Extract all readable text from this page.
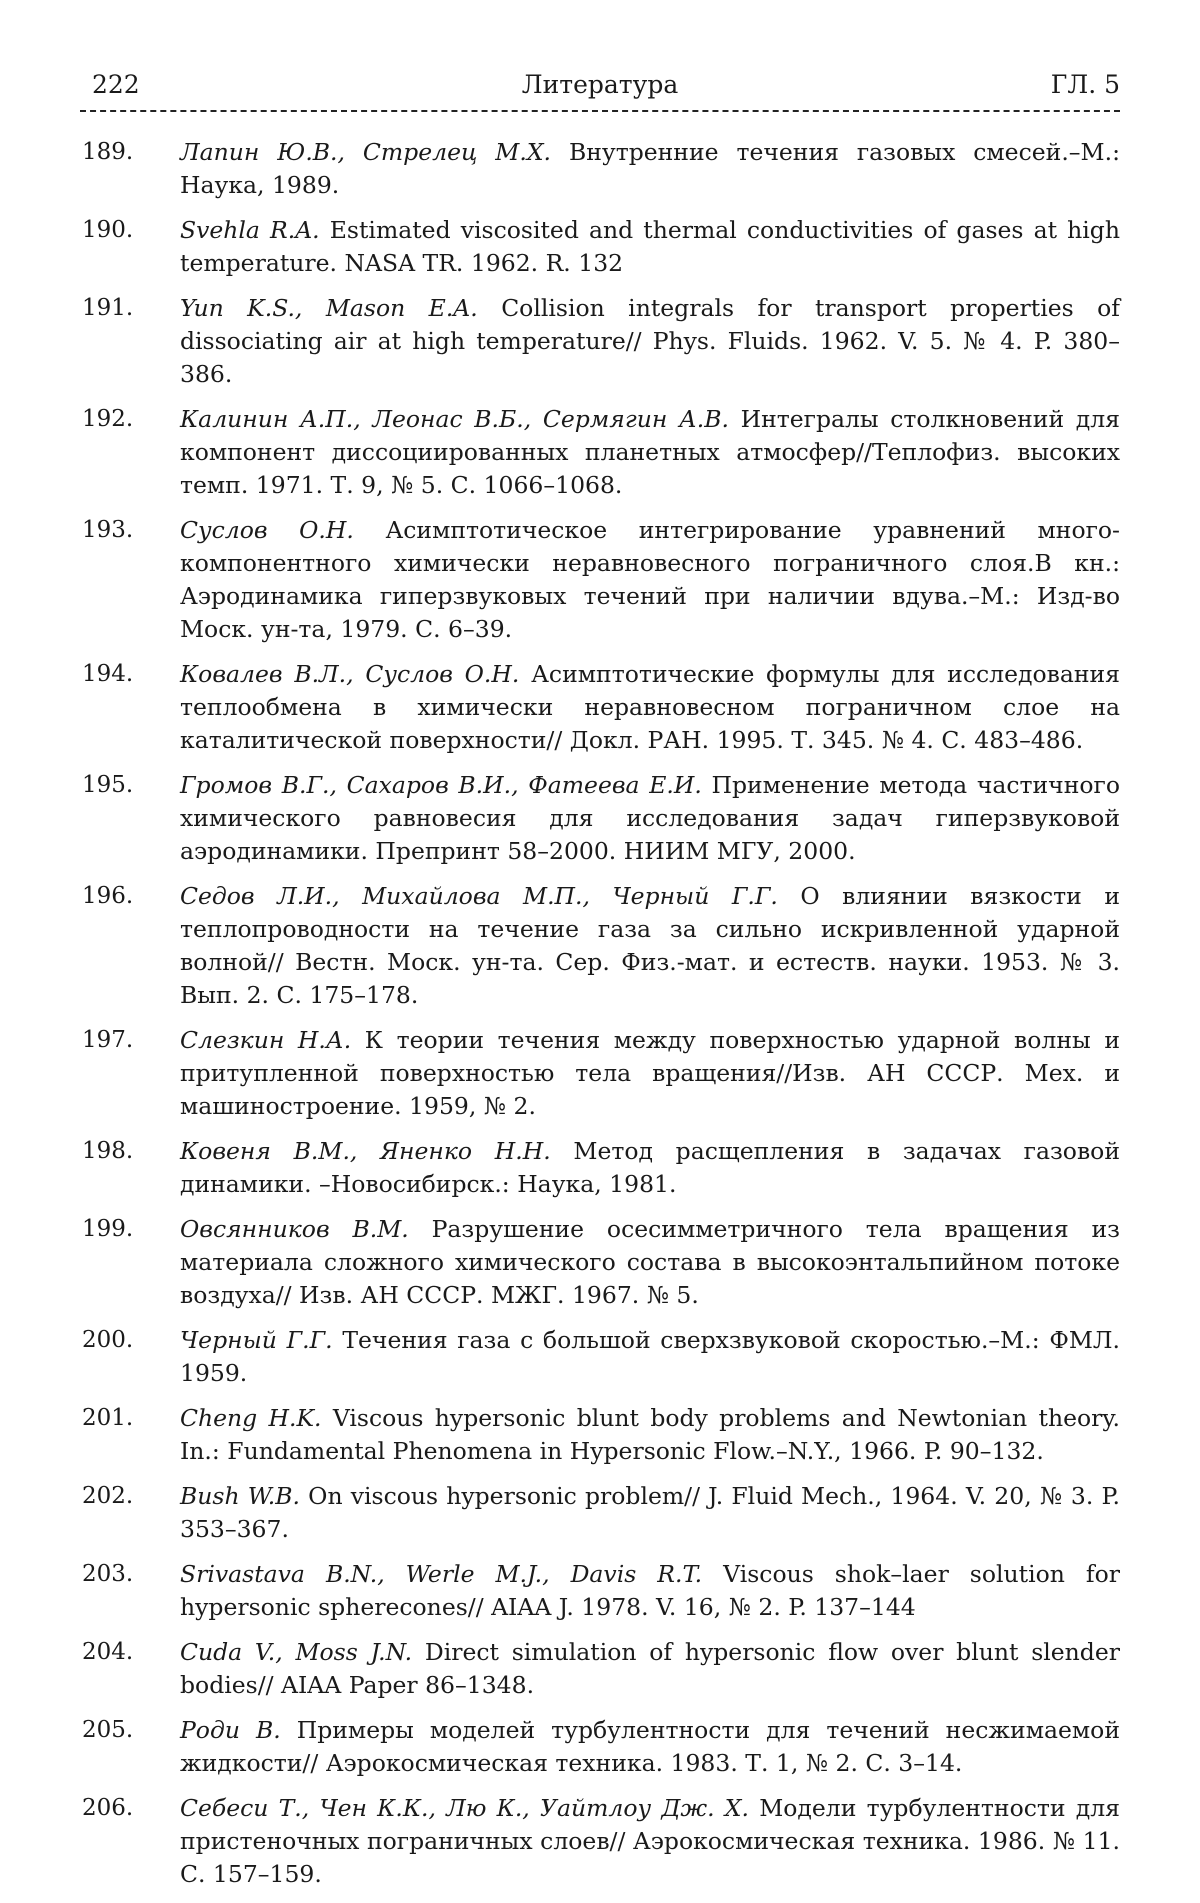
222	Литература	ГЛ. 5
189.	Лапин Ю.В., Стрелец М.Х. Внутренние течения газовых смесей.–М.: Наука, 1989.
190.	Svehla R.A. Estimated viscosited and thermal conductivities of gases at high temperature. NASA TR. 1962. R. 132
191.	Yun K.S., Mason E.A. Collision integrals for transport properties of dissociating air at high temperature// Phys. Fluids. 1962. V. 5. № 4. P. 380–386.
192.	Калинин А.П., Леонас В.Б., Сермягин А.В. Интегралы столкновений для компонент диссоциированных планетных атмосфер//Теплофиз. высоких темп. 1971. Т. 9, № 5. С. 1066–1068.
193.	Суслов О.Н. Асимптотическое интегрирование уравнений много-компонентного химически неравновесного пограничного слоя.В кн.: Аэродинамика гиперзвуковых течений при наличии вдува.–М.: Изд-во Моск. ун-та, 1979. С. 6–39.
194.	Ковалев В.Л., Суслов О.Н. Асимптотические формулы для исследования теплообмена в химически неравновесном пограничном слое на каталитической поверхности// Докл. РАН. 1995. Т. 345. № 4. С. 483–486.
195.	Громов В.Г., Сахаров В.И., Фатеева Е.И. Применение метода частичного химического равновесия для исследования задач гиперзвуковой аэродинамики. Препринт 58–2000. НИИМ МГУ, 2000.
196.	Седов Л.И., Михайлова М.П., Черный Г.Г. О влиянии вязкости и теплопроводности на течение газа за сильно искривленной ударной волной// Вестн. Моск. ун-та. Сер. Физ.-мат. и естеств. науки. 1953. № 3. Вып. 2. С. 175–178.
197.	Слезкин Н.А. К теории течения между поверхностью ударной волны и притупленной поверхностью тела вращения//Изв. АН СССР. Мех. и машиностроение. 1959, № 2.
198.	Ковеня В.М., Яненко Н.Н. Метод расщепления в задачах газовой динамики. –Новосибирск.: Наука, 1981.
199.	Овсянников В.М. Разрушение осесимметричного тела вращения из материала сложного химического состава в высокоэнтальпийном потоке воздуха// Изв. АН СССР. МЖГ. 1967. № 5.
200.	Черный Г.Г. Течения газа с большой сверхзвуковой скоростью.–М.: ФМЛ. 1959.
201.	Cheng H.K. Viscous hypersonic blunt body problems and Newtonian theory. In.: Fundamental Phenomena in Hypersonic Flow.–N.Y., 1966. P. 90–132.
202.	Bush W.B. On viscous hypersonic problem// J. Fluid Mech., 1964. V. 20, № 3. P. 353–367.
203.	Srivastava B.N., Werle M.J., Davis R.T. Viscous shok–laer solution for hypersonic spherecones// AIAA J. 1978. V. 16, № 2. P. 137–144
204.	Cuda V., Moss J.N. Direct simulation of hypersonic flow over blunt slender bodies// AIAA Paper 86–1348.
205.	Роди В. Примеры моделей турбулентности для течений несжимаемой жидкости// Аэрокосмическая техника. 1983. Т. 1, № 2. С. 3–14.
206.	Себеси Т., Чен К.К., Лю К., Уайтлоу Дж. Х. Модели турбулентности для пристеночных пограничных слоев// Аэрокосмическая техника. 1986. № 11. С. 157–159.
